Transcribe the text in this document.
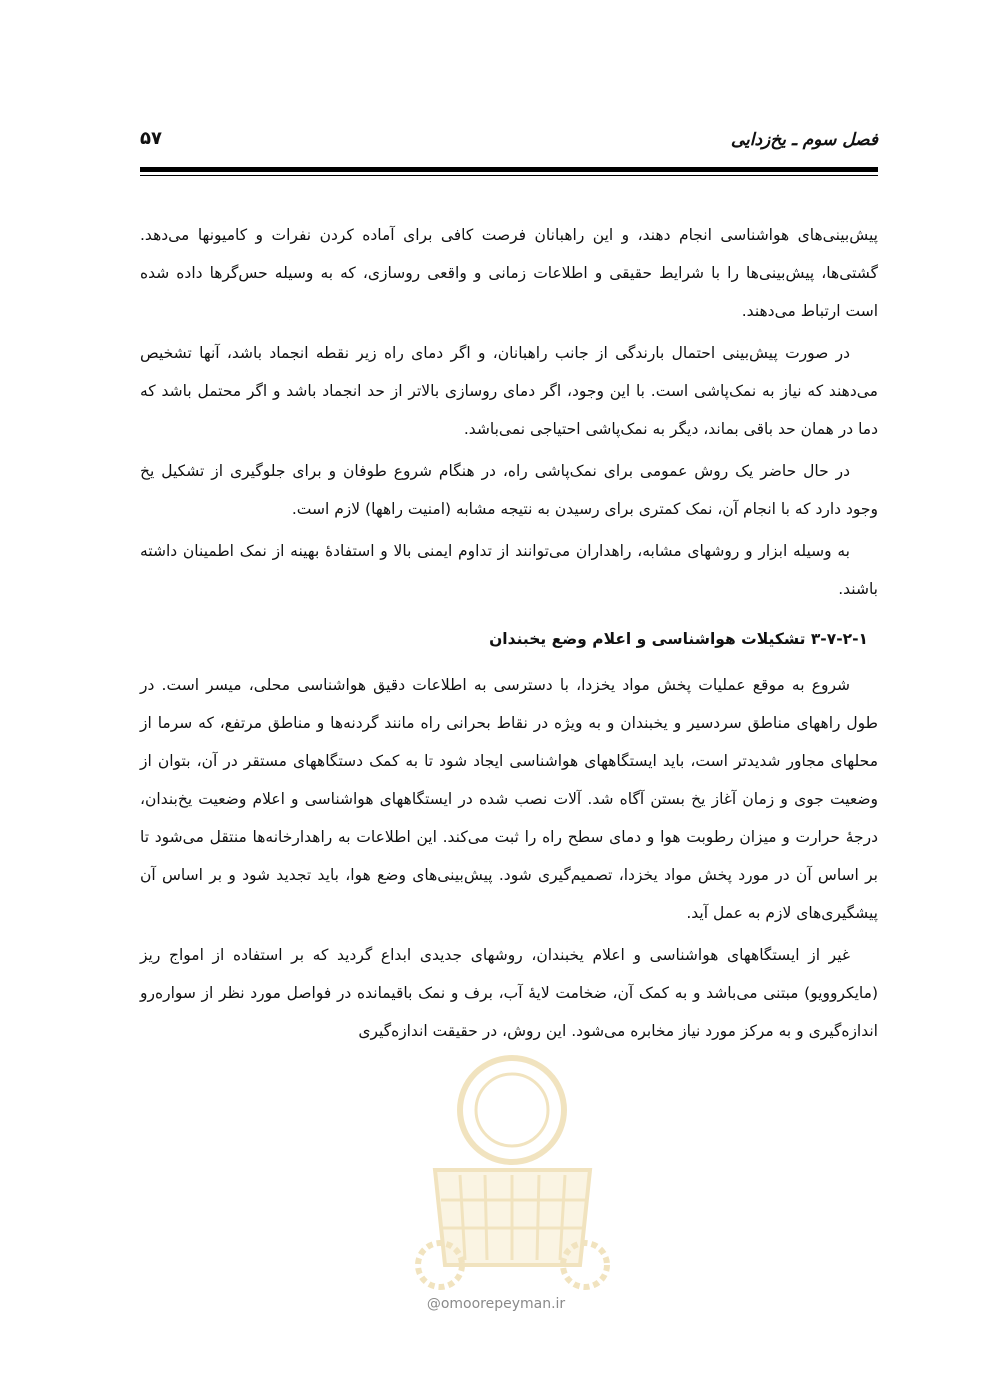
فصل سوم ـ یخ‌زدایی
۵۷

پیش‌بینی‌های هواشناسی انجام دهند، و این راهبانان فرصت کافی برای آماده کردن نفرات و کامیونها می‌دهد. گشتی‌ها، پیش‌بینی‌ها را با شرایط حقیقی و اطلاعات زمانی و واقعی روسازی، که به وسیله حس‌گرها داده شده است ارتباط می‌دهند.

در صورت پیش‌بینی احتمال بارندگی از جانب راهبانان، و اگر دمای راه زیر نقطه انجماد باشد، آنها تشخیص می‌دهند که نیاز به نمک‌پاشی است. با این وجود، اگر دمای روسازی بالاتر از حد انجماد باشد و اگر محتمل باشد که دما در همان حد باقی بماند، دیگر به نمک‌پاشی احتیاجی نمی‌باشد.

در حال حاضر یک روش عمومی برای نمک‌پاشی راه، در هنگام شروع طوفان و برای جلوگیری از تشکیل یخ وجود دارد که با انجام آن، نمک کمتری برای رسیدن به نتیجه مشابه (امنیت راهها) لازم است.

به وسیله ابزار و روشهای مشابه، راهداران می‌توانند از تداوم ایمنی بالا و استفادهٔ بهینه از نمک اطمینان داشته باشند.

۳-۷-۲-۱ تشکیلات هواشناسی و اعلام وضع یخبندان

شروع به موقع عملیات پخش مواد یخزدا، با دسترسی به اطلاعات دقیق هواشناسی محلی، میسر است. در طول راههای مناطق سردسیر و یخبندان و به ویژه در نقاط بحرانی راه مانند گردنه‌ها و مناطق مرتفع، که سرما از محلهای مجاور شدیدتر است، باید ایستگاههای هواشناسی ایجاد شود تا به کمک دستگاههای مستقر در آن، بتوان از وضعیت جوی و زمان آغاز یخ بستن آگاه شد. آلات نصب شده در ایستگاههای هواشناسی و اعلام وضعیت یخ‌بندان، درجهٔ حرارت و میزان رطوبت هوا و دمای سطح راه را ثبت می‌کند. این اطلاعات به راهدارخانه‌ها منتقل می‌شود تا بر اساس آن در مورد پخش مواد یخزدا، تصمیم‌گیری شود. پیش‌بینی‌های وضع هوا، باید تجدید شود و بر اساس آن پیشگیری‌های لازم به عمل آید.

غیر از ایستگاههای هواشناسی و اعلام یخبندان، روشهای جدیدی ابداع گردید که بر استفاده از امواج ریز (مایکروویو) مبتنی می‌باشد و به کمک آن، ضخامت لایهٔ آب، برف و نمک باقیمانده در فواصل مورد نظر از سواره‌رو اندازه‌گیری و به مرکز مورد نیاز مخابره می‌شود. این روش، در حقیقت اندازه‌گیری

@omoorepeyman.ir
